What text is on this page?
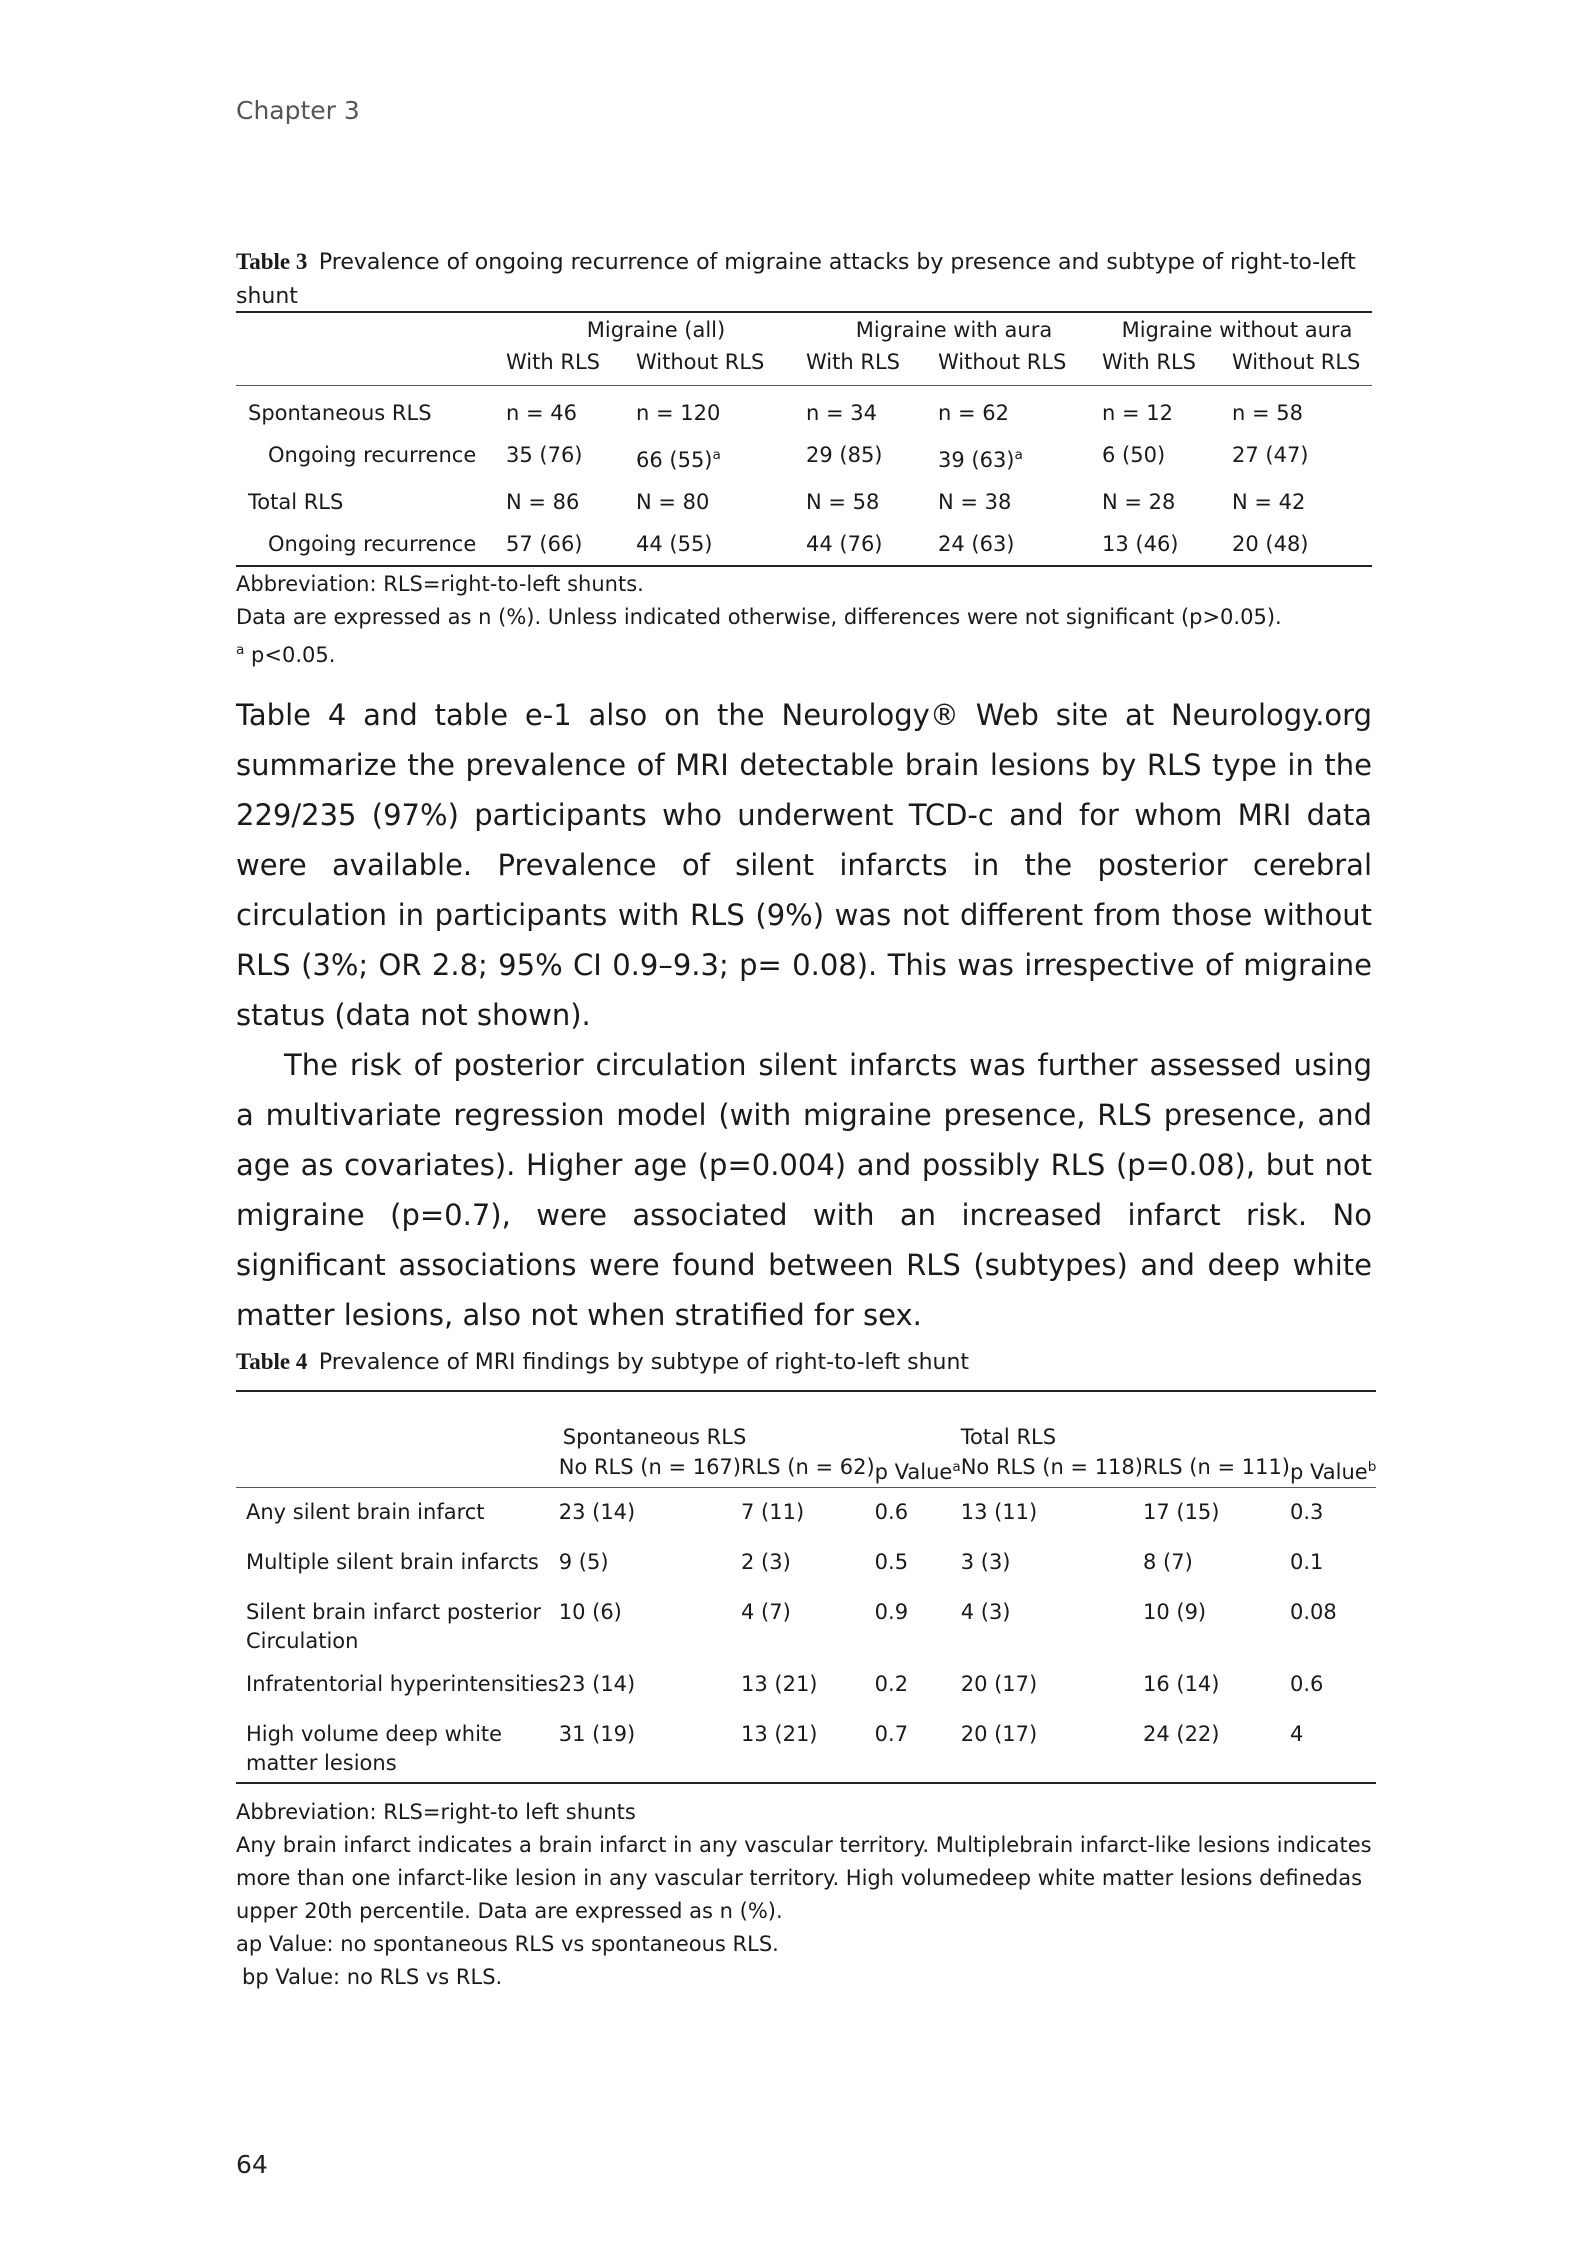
Chapter 3
Table 3 Prevalence of ongoing recurrence of migraine attacks by presence and subtype of right-to-left shunt
	Migraine (all)		Migraine with aura		Migraine without aura	
	With RLS	Without RLS	With RLS	Without RLS	With RLS	Without RLS
Spontaneous RLS	n = 46	n = 120	n = 34	n = 62	n = 12	n = 58
Ongoing recurrence	35 (76)	66 $(55)^a$	29 (85)	39 $(63)^a$	6 (50)	27 (47)
Total RLS	N = 86	N = 80	N = 58	N = 38	N = 28	N = 42
Ongoing recurrence	57 (66)	44 (55)	44 (76)	24 (63)	13 (46)	20 (48)
Abbreviation: RLS=right-to-left shunts.
Data are expressed as n (%). Unless indicated otherwise, differences were not significant (p>0.05).
$^a$ p<0.05.

Table 4 and table e-1 also on the Neurology® Web site at Neurology.org summarize the prevalence of MRI detectable brain lesions by RLS type in the 229/235 (97%) participants who underwent TCD-c and for whom MRI data were available. Prevalence of silent infarcts in the posterior cerebral circulation in participants with RLS (9%) was not different from those without RLS (3%; OR 2.8; 95% CI 0.9–9.3; p= 0.08). This was irrespective of migraine status (data not shown).

The risk of posterior circulation silent infarcts was further assessed using a multivariate regression model (with migraine presence, RLS presence, and age as covariates). Higher age (p=0.004) and possibly RLS (p=0.08), but not migraine (p=0.7), were associated with an increased infarct risk. No significant associations were found between RLS (subtypes) and deep white matter lesions, also not when stratified for sex.

Table 4 Prevalence of MRI findings by subtype of right-to-left shunt

	Spontaneous RLS			Total RLS		
	No RLS (n = 167)	RLS (n = 62)	p Value$^a$	No RLS (n = 118)	RLS (n = 111)	p Value$^b$
Any silent brain infarct	23 (14)	7 (11)	0.6	13 (11)	17 (15)	0.3
Multiple silent brain infarcts	9 (5)	2 (3)	0.5	3 (3)	8 (7)	0.1
Silent brain infarct posterior Circulation	10 (6)	4 (7)	0.9	4 (3)	10 (9)	0.08
Infratentorial hyperintensities	23 (14)	13 (21)	0.2	20 (17)	16 (14)	0.6
High volume deep white matter lesions	31 (19)	13 (21)	0.7	20 (17)	24 (22)	4
Abbreviation: RLS=right-to left shunts
Any brain infarct indicates a brain infarct in any vascular territory. Multiplebrain infarct-like lesions indicates more than one infarct-like lesion in any vascular territory. High volumedeep white matter lesions definedas upper 20th percentile. Data are expressed as n (%).
ap Value: no spontaneous RLS vs spontaneous RLS.
bp Value: no RLS vs RLS.
64
